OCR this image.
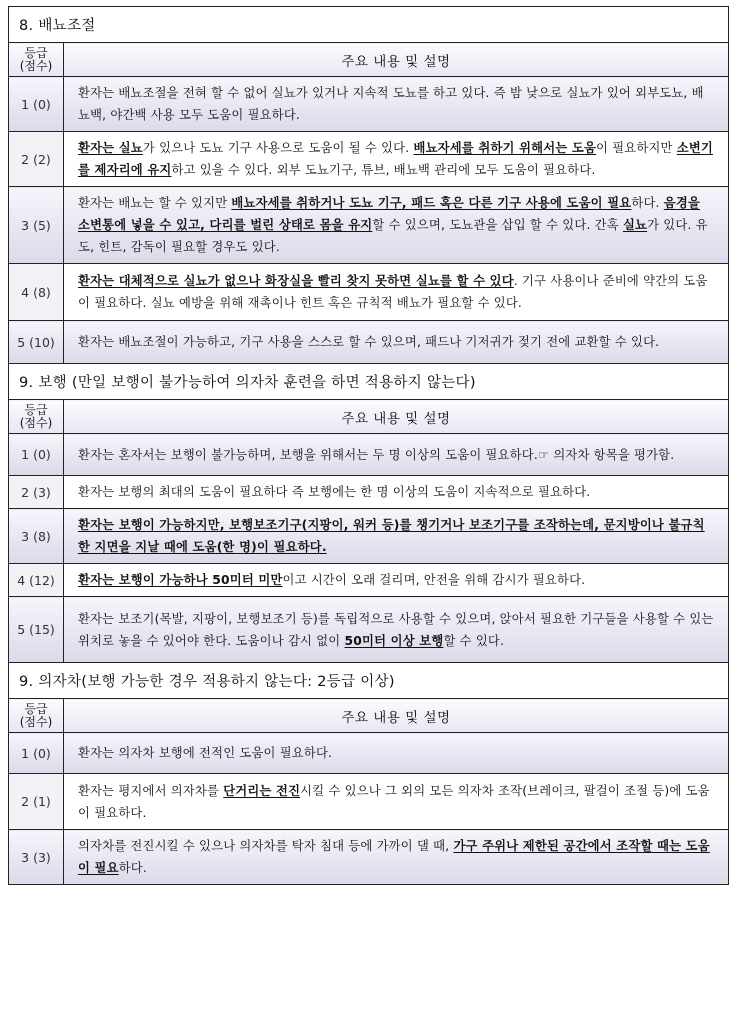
8. 배뇨조절	
등급
(점수)	주요 내용 및 설명
1 (0)	환자는 배뇨조절을 전혀 할 수 없어 실뇨가 있거나 지속적 도뇨를 하고 있다. 즉 밤 낮으로 실뇨가 있어 외부도뇨, 배뇨백, 야간백 사용 모두 도움이 필요하다.
2 (2)	환자는 실뇨가 있으나 도뇨 기구 사용으로 도움이 될 수 있다. 배뇨자세를 취하기 위해서는 도움이 필요하지만 소변기를 제자리에 유지하고 있을 수 있다. 외부 도뇨기구, 튜브, 배뇨백 관리에 모두 도움이 필요하다.
3 (5)	환자는 배뇨는 할 수 있지만 배뇨자세를 취하거나 도뇨 기구, 패드 혹은 다른 기구 사용에 도움이 필요하다. 음경을 소변통에 넣을 수 있고, 다리를 벌린 상태로 몸을 유지할 수 있으며, 도뇨관을 삽입 할 수 있다. 간혹 실뇨가 있다. 유도, 힌트, 감독이 필요할 경우도 있다.
4 (8)	환자는 대체적으로 실뇨가 없으나 화장실을 빨리 찾지 못하면 실뇨를 할 수 있다. 기구 사용이나 준비에 약간의 도움이 필요하다. 실뇨 예방을 위해 재촉이나 힌트 혹은 규칙적 배뇨가 필요할 수 있다.
5 (10)	환자는 배뇨조절이 가능하고, 기구 사용을 스스로 할 수 있으며, 패드나 기저귀가 젖기 전에 교환할 수 있다.
9. 보행 (만일 보행이 불가능하여 의자차 훈련을 하면 적용하지 않는다)	
등급
(점수)	주요 내용 및 설명
1 (0)	환자는 혼자서는 보행이 불가능하며, 보행을 위해서는 두 명 이상의 도움이 필요하다.☞ 의자차 항목을 평가함.
2 (3)	환자는 보행의 최대의 도움이 필요하다 즉 보행에는 한 명 이상의 도움이 지속적으로 필요하다.
3 (8)	환자는 보행이 가능하지만, 보행보조기구(지팡이, 워커 등)를 챙기거나 보조기구를 조작하는데, 문지방이나 불규칙한 지면을 지날 때에 도움(한 명)이 필요하다.
4 (12)	환자는 보행이 가능하나 50미터 미만이고 시간이 오래 걸리며, 안전을 위해 감시가 필요하다.
5 (15)	환자는 보조기(목발, 지팡이, 보행보조기 등)를 독립적으로 사용할 수 있으며, 앉아서 필요한 기구들을 사용할 수 있는 위치로 놓을 수 있어야 한다. 도움이나 감시 없이 50미터 이상 보행할 수 있다.
9. 의자차(보행 가능한 경우 적용하지 않는다: 2등급 이상)	
등급
(점수)	주요 내용 및 설명
1 (0)	환자는 의자차 보행에 전적인 도움이 필요하다.
2 (1)	환자는 평지에서 의자차를 단거리는 전진시킬 수 있으나 그 외의 모든 의자차 조작(브레이크, 팔걸이 조절 등)에 도움이 필요하다.
3 (3)	의자차를 전진시킬 수 있으나 의자차를 탁자 침대 등에 가까이 댈 때, 가구 주위나 제한된 공간에서 조작할 때는 도움이 필요하다.
